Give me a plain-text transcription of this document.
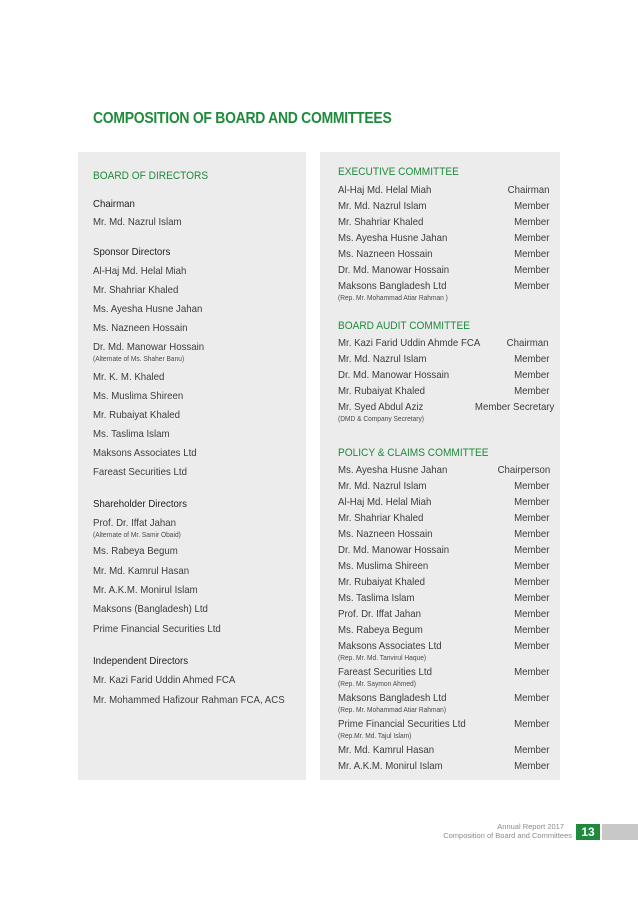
COMPOSITION OF BOARD AND COMMITTEES
BOARD OF DIRECTORS
Chairman
Mr. Md. Nazrul Islam
Sponsor Directors
Al-Haj Md. Helal Miah
Mr. Shahriar Khaled
Ms. Ayesha Husne Jahan
Ms. Nazneen Hossain
Dr. Md. Manowar Hossain
(Alternate of Ms. Shaher Banu)
Mr. K. M. Khaled
Ms. Muslima Shireen
Mr. Rubaiyat Khaled
Ms. Taslima Islam
Maksons Associates Ltd
Fareast Securities Ltd
Shareholder Directors
Prof. Dr. Iffat Jahan
(Alternate of Mr. Samir Obaid)
Ms. Rabeya Begum
Mr. Md. Kamrul Hasan
Mr. A.K.M. Monirul Islam
Maksons (Bangladesh) Ltd
Prime Financial Securities Ltd
Independent Directors
Mr. Kazi Farid Uddin Ahmed FCA
Mr. Mohammed Hafizour Rahman FCA, ACS
EXECUTIVE COMMITTEE
Al-Haj Md. Helal Miah	Chairman
Mr. Md. Nazrul Islam	Member
Mr. Shahriar Khaled	Member
Ms. Ayesha Husne Jahan	Member
Ms. Nazneen Hossain	Member
Dr. Md. Manowar Hossain	Member
Maksons Bangladesh Ltd	Member
(Rep. Mr. Mohammad Atiar Rahman )
BOARD AUDIT COMMITTEE
Mr. Kazi Farid Uddin Ahmde FCA	Chairman
Mr. Md. Nazrul Islam	Member
Dr. Md. Manowar Hossain	Member
Mr. Rubaiyat Khaled	Member
Mr. Syed Abdul Aziz	Member Secretary
(DMD & Company Secretary)
POLICY & CLAIMS COMMITTEE
Ms. Ayesha Husne Jahan	Chairperson
Mr. Md. Nazrul Islam	Member
Al-Haj Md. Helal Miah	Member
Mr. Shahriar Khaled	Member
Ms. Nazneen Hossain	Member
Dr. Md. Manowar Hossain	Member
Ms. Muslima Shireen	Member
Mr. Rubaiyat Khaled	Member
Ms. Taslima Islam	Member
Prof. Dr. Iffat Jahan	Member
Ms. Rabeya Begum	Member
Maksons Associates Ltd	Member
(Rep. Mr. Md. Tanvirul Haque)
Fareast Securities Ltd	Member
(Rep. Mr. Saymon Ahmed)
Maksons Bangladesh Ltd	Member
(Rep. Mr. Mohammad Atiar Rahman)
Prime Financial Securities Ltd	Member
(Rep.Mr. Md. Tajul Islam)
Mr. Md. Kamrul Hasan	Member
Mr. A.K.M. Monirul Islam	Member
Annual Report 2017
Composition of Board and Committees 13
